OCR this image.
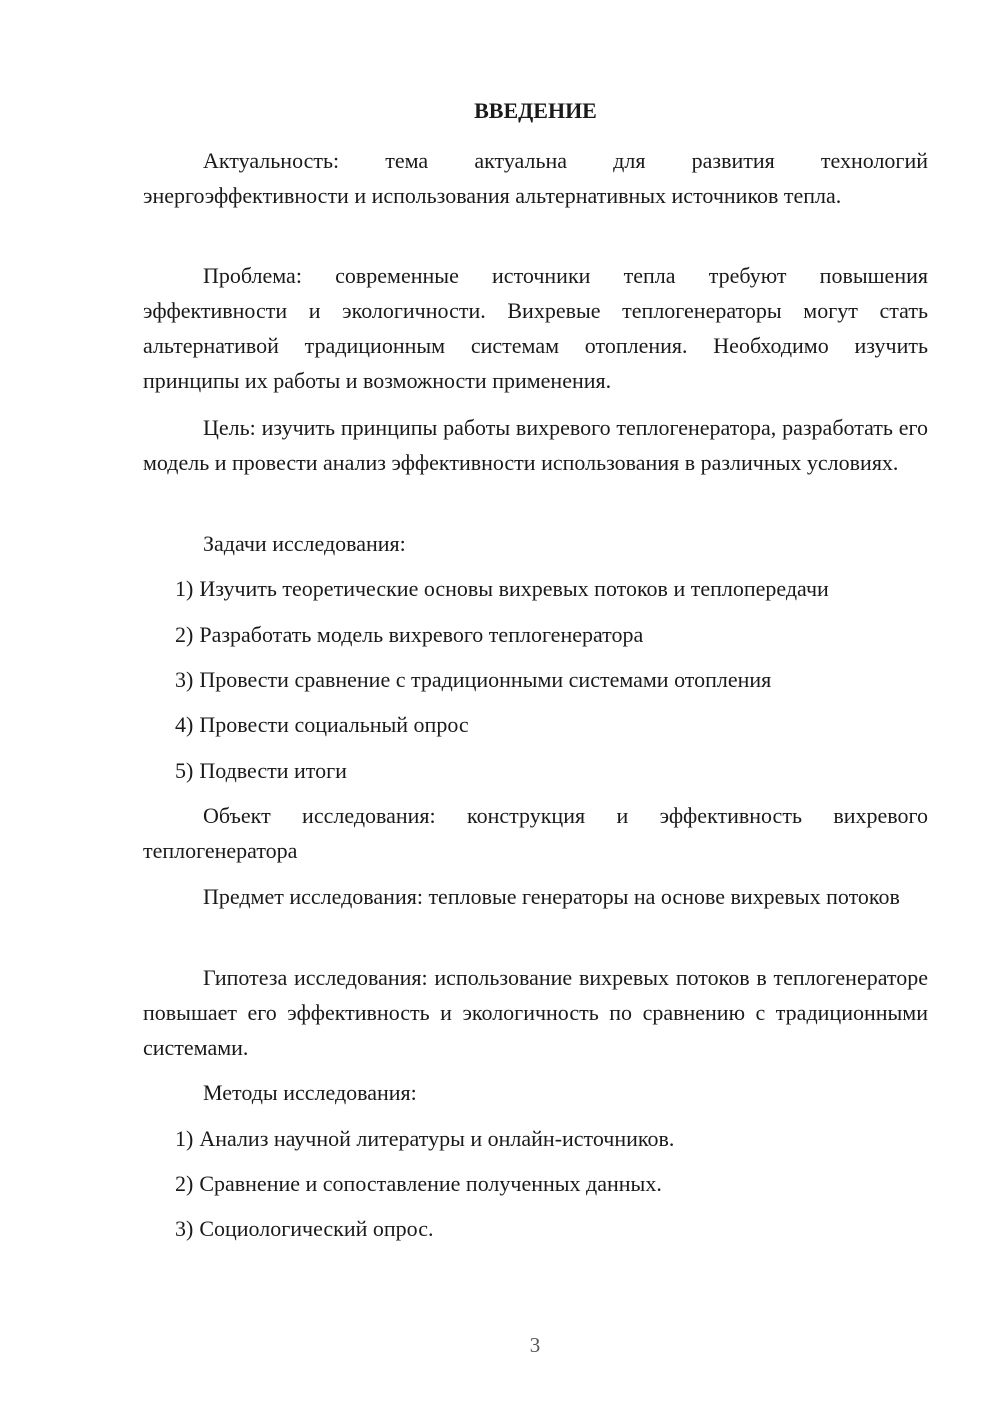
ВВЕДЕНИЕ

Актуальность: тема актуальна для развития технологий энергоэффективности и использования альтернативных источников тепла.

Проблема: современные источники тепла требуют повышения эффективности и экологичности. Вихревые теплогенераторы могут стать альтернативой традиционным системам отопления. Необходимо изучить принципы их работы и возможности применения.

Цель: изучить принципы работы вихревого теплогенератора, разработать его модель и провести анализ эффективности использования в различных условиях.

Задачи исследования:

1) Изучить теоретические основы вихревых потоков и теплопередачи
2) Разработать модель вихревого теплогенератора
3) Провести сравнение с традиционными системами отопления
4) Провести социальный опрос
5) Подвести итоги

Объект исследования: конструкция и эффективность вихревого теплогенератора

Предмет исследования: тепловые генераторы на основе вихревых потоков

Гипотеза исследования: использование вихревых потоков в теплогенераторе повышает его эффективность и экологичность по сравнению с традиционными системами.

Методы исследования:

1) Анализ научной литературы и онлайн-источников.
2) Сравнение и сопоставление полученных данных.
3) Социологический опрос.
3
